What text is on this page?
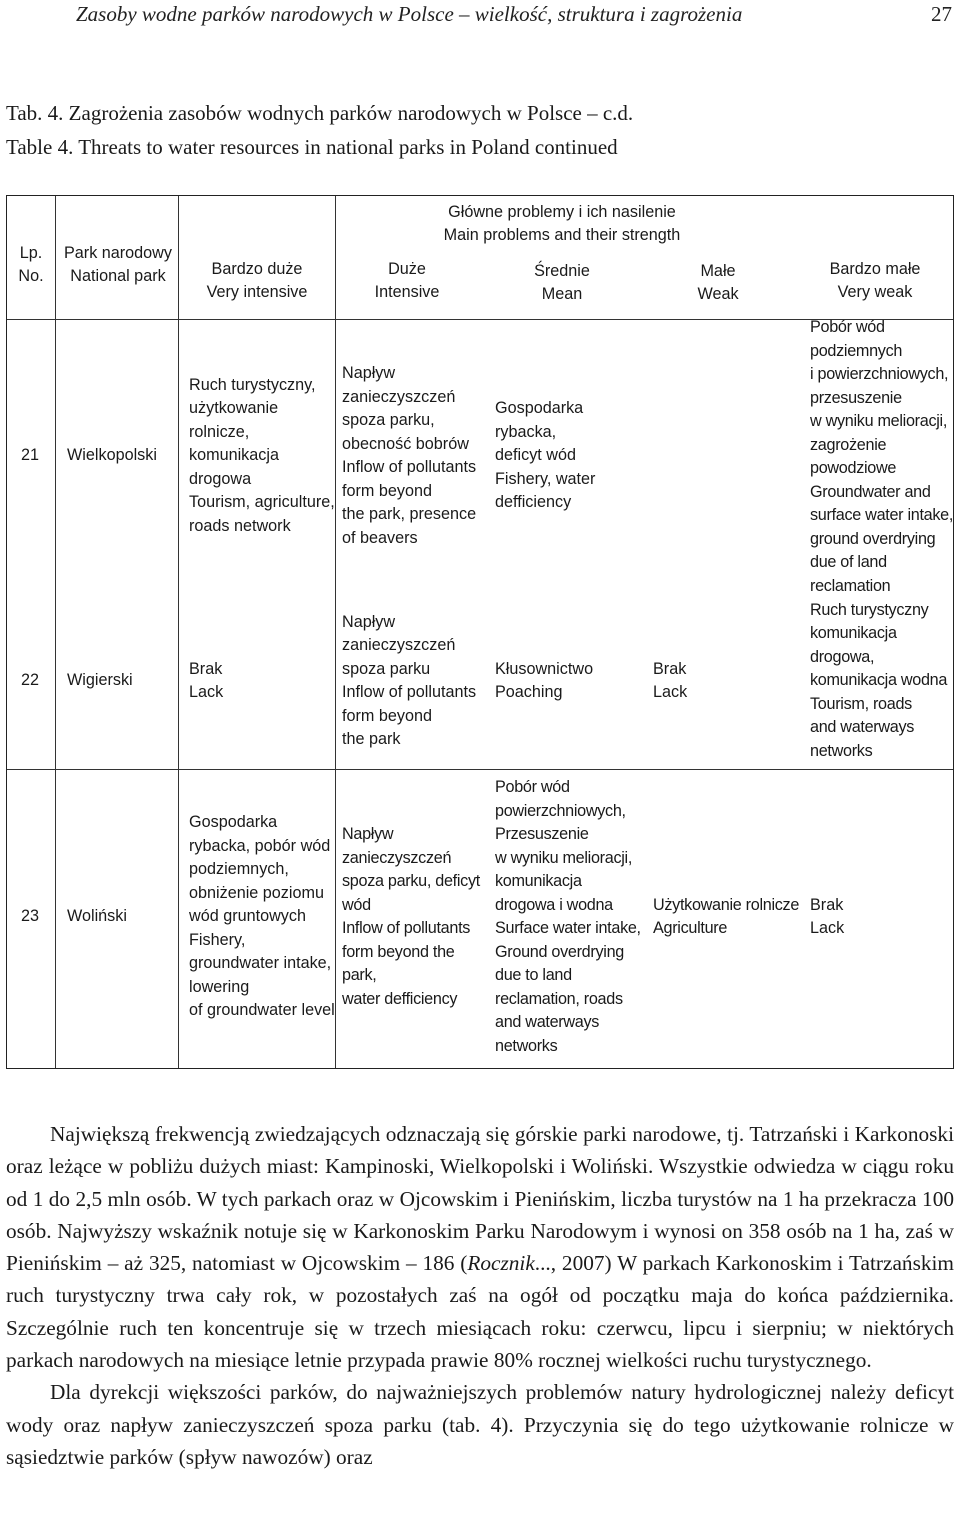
Zasoby wodne parków narodowych w Polsce – wielkość, struktura i zagrożenia	27
Tab. 4. Zagrożenia zasobów wodnych parków narodowych w Polsce – c.d.
Table 4. Threats to water resources in national parks in Poland continued
Lp.
No.
Park narodowy
National park
Główne problemy i ich nasilenie
Main problems and their strength
Bardzo duże
Very intensive
Duże
Intensive
Średnie
Mean
Małe
Weak
Bardzo małe
Very weak
21 Wielkopolski
Ruch turystyczny,
użytkowanie
rolnicze,
komunikacja
drogowa
Tourism, agriculture,
roads network
Napływ
zanieczyszczeń
spoza parku,
obecność bobrów
Inflow of pollutants
form beyond
the park, presence
of beavers
Gospodarka rybacka,
deficyt wód
Fishery, water
defficiency
Pobór wód
podziemnych
i powierzchniowych,
przesuszenie
w wyniku melioracji,
zagrożenie
powodziowe
Groundwater and
surface water intake,
ground overdrying
due of land
reclamation
22 Wigierski
Brak
Lack
Napływ
zanieczyszczeń
spoza parku
Inflow of pollutants
form beyond
the park
Kłusownictwo
Poaching
Brak
Lack
Ruch turystyczny
komunikacja
drogowa,
komunikacja wodna
Tourism, roads
and waterways
networks
23 Woliński
Gospodarka
rybacka, pobór wód
podziemnych,
obniżenie poziomu
wód gruntowych
Fishery,
groundwater intake,
lowering
of groundwater level
Napływ
zanieczyszczeń
spoza parku, deficyt
wód
Inflow of pollutants
form beyond the park,
water defficiency
Pobór wód
powierzchniowych,
Przesuszenie
w wyniku melioracji,
komunikacja
drogowa i wodna
Surface water intake,
Ground overdrying
due to land
reclamation, roads
and waterways
networks
Użytkowanie rolnicze
Agriculture
Brak
Lack

Największą frekwencją zwiedzających odznaczają się górskie parki narodowe, tj. Tatrzański i Karkonoski oraz leżące w pobliżu dużych miast: Kampinoski, Wielkopolski i Woliński. Wszystkie odwiedza w ciągu roku od 1 do 2,5 mln osób. W tych parkach oraz w Ojcowskim i Pienińskim, liczba turystów na 1 ha przekracza 100 osób. Najwyższy wskaźnik notuje się w Karkonoskim Parku Narodowym i wynosi on 358 osób na 1 ha, zaś w Pienińskim – aż 325, natomiast w Ojcowskim – 186 (Rocznik..., 2007) W parkach Karkonoskim i Tatrzańskim ruch turystyczny trwa cały rok, w pozostałych zaś na ogół od początku maja do końca października. Szczególnie ruch ten koncentruje się w trzech miesiącach roku: czerwcu, lipcu i sierpniu; w niektórych parkach narodowych na miesiące letnie przypada prawie 80% rocznej wielkości ruchu turystycznego.

Dla dyrekcji większości parków, do najważniejszych problemów natury hydrologicznej należy deficyt wody oraz napływ zanieczyszczeń spoza parku (tab. 4). Przyczynia się do tego użytkowanie rolnicze w sąsiedztwie parków (spływ nawozów) oraz
